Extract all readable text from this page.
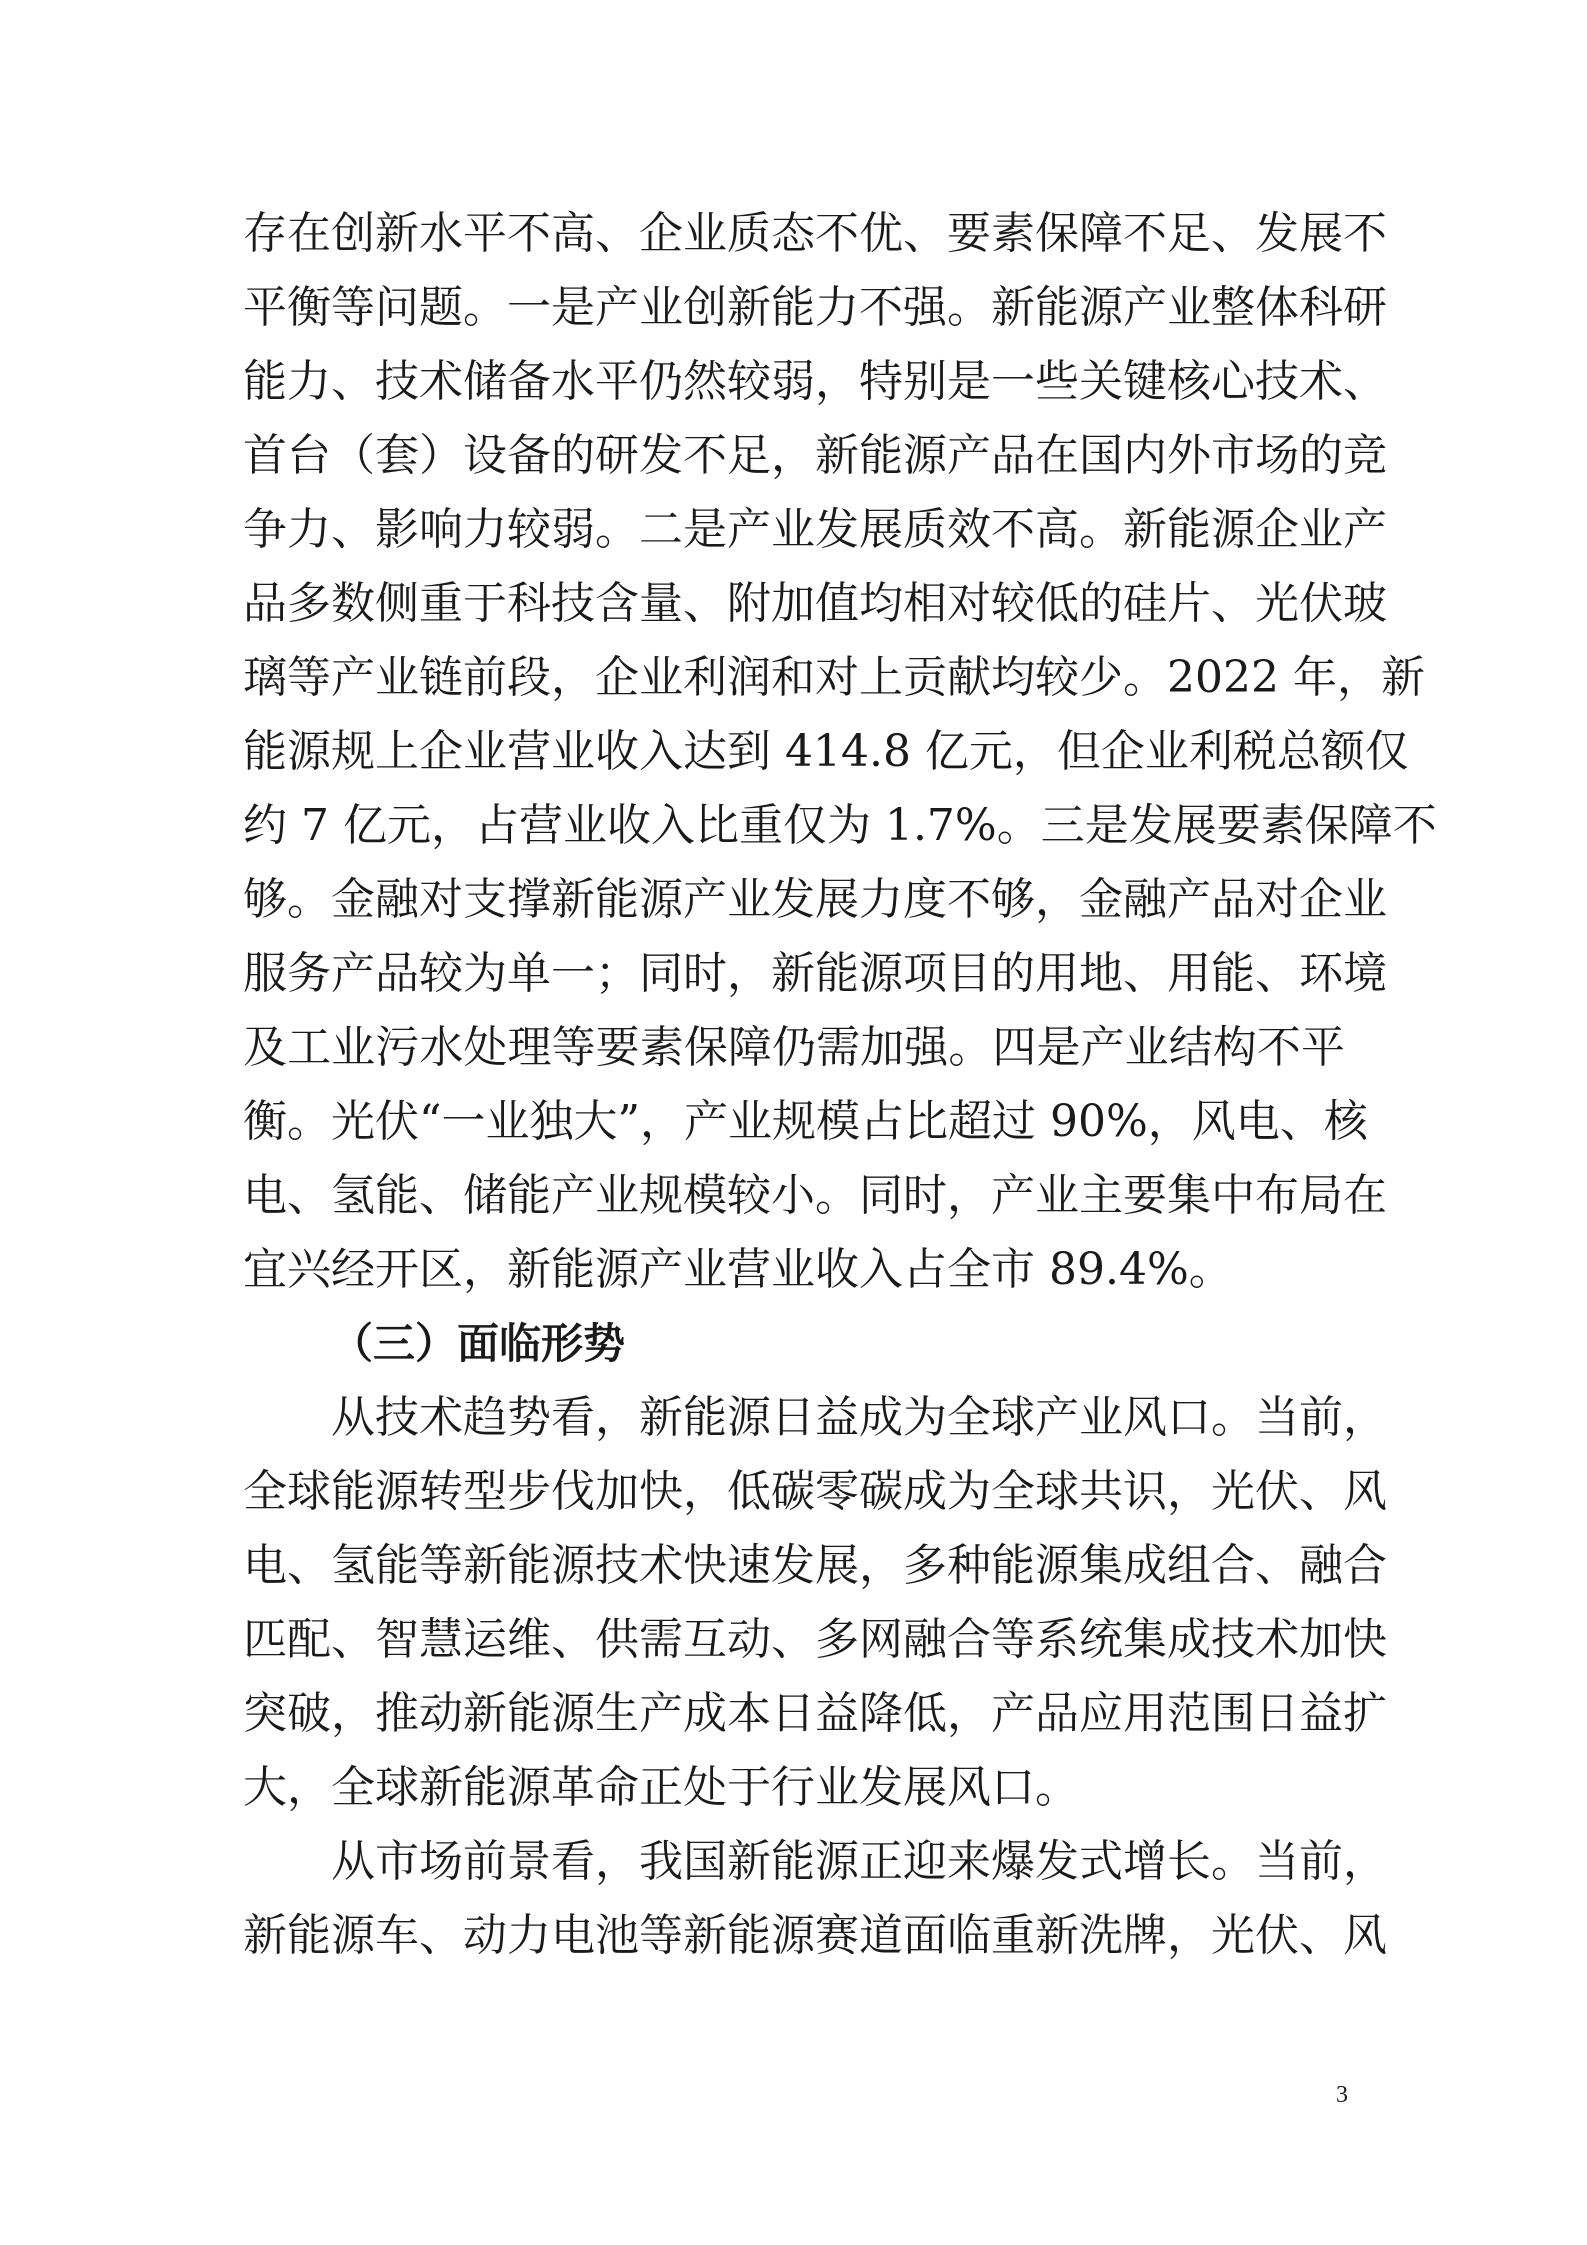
存在创新水平不高、企业质态不优、要素保障不足、发展不
平衡等问题。一是产业创新能力不强。新能源产业整体科研
能力、技术储备水平仍然较弱，特别是一些关键核心技术、
首台（套）设备的研发不足，新能源产品在国内外市场的竞
争力、影响力较弱。二是产业发展质效不高。新能源企业产
品多数侧重于科技含量、附加值均相对较低的硅片、光伏玻
璃等产业链前段，企业利润和对上贡献均较少。2022 年，新
能源规上企业营业收入达到 414.8 亿元，但企业利税总额仅
约 7 亿元，占营业收入比重仅为 1.7%。三是发展要素保障不
够。金融对支撑新能源产业发展力度不够，金融产品对企业
服务产品较为单一；同时，新能源项目的用地、用能、环境
及工业污水处理等要素保障仍需加强。四是产业结构不平
衡。光伏“一业独大”，产业规模占比超过 90%，风电、核
电、氢能、储能产业规模较小。同时，产业主要集中布局在
宜兴经开区，新能源产业营业收入占全市 89.4%。
（三）面临形势
从技术趋势看，新能源日益成为全球产业风口。当前，
全球能源转型步伐加快，低碳零碳成为全球共识，光伏、风
电、氢能等新能源技术快速发展，多种能源集成组合、融合
匹配、智慧运维、供需互动、多网融合等系统集成技术加快
突破，推动新能源生产成本日益降低，产品应用范围日益扩
大，全球新能源革命正处于行业发展风口。
从市场前景看，我国新能源正迎来爆发式增长。当前，
新能源车、动力电池等新能源赛道面临重新洗牌，光伏、风
3
